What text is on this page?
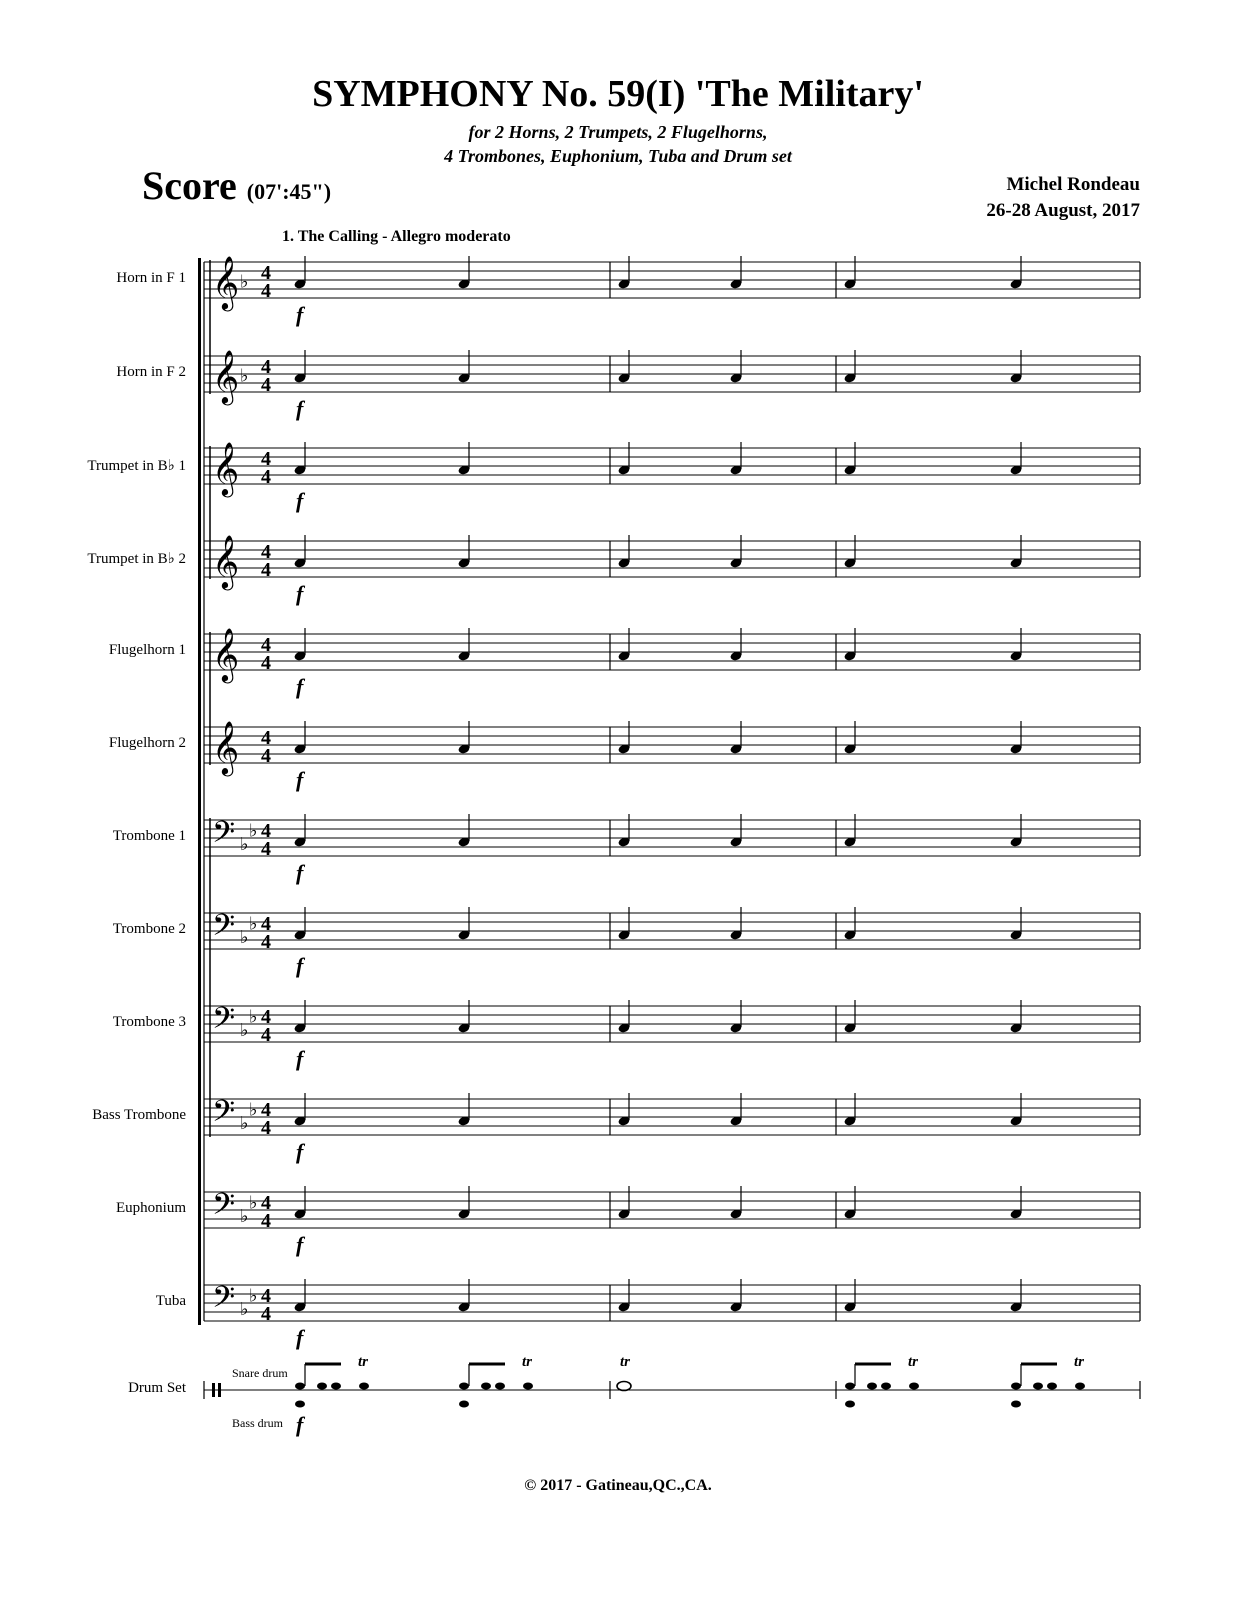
SYMPHONY No. 59(I) 'The Military'
for 2 Horns, 2 Trumpets, 2 Flugelhorns,
4 Trombones, Euphonium, Tuba and Drum set
Score (07':45")	Michel Rondeau
26-28 August, 2017
1. The Calling - Allegro moderato
Horn in F 1
Horn in F 2
Trumpet in B♭ 1
Trumpet in B♭ 2
Flugelhorn 1
Flugelhorn 2
Trombone 1
Trombone 2
Trombone 3
Bass Trombone
Euphonium
Tuba
Drum Set
Snare drum
Bass drum
𝄞 ♭ 4
4
f
𝄞 ♭ 4
4
f
𝄞 4
4
f
𝄞 4
4
f
𝄞 4
4
f
𝄞 4
4
f
𝄢 ♭
♭ 4
4
f
𝄢 ♭
♭ 4
4
f
𝄢 ♭
♭ 4
4
f
𝄢 ♭
♭ 4
4
f
𝄢 ♭
♭ 4
4
f
𝄢 ♭
♭ 4
4
f
tr	tr	tr	tr	tr
f
© 2017 - Gatineau,QC.,CA.
